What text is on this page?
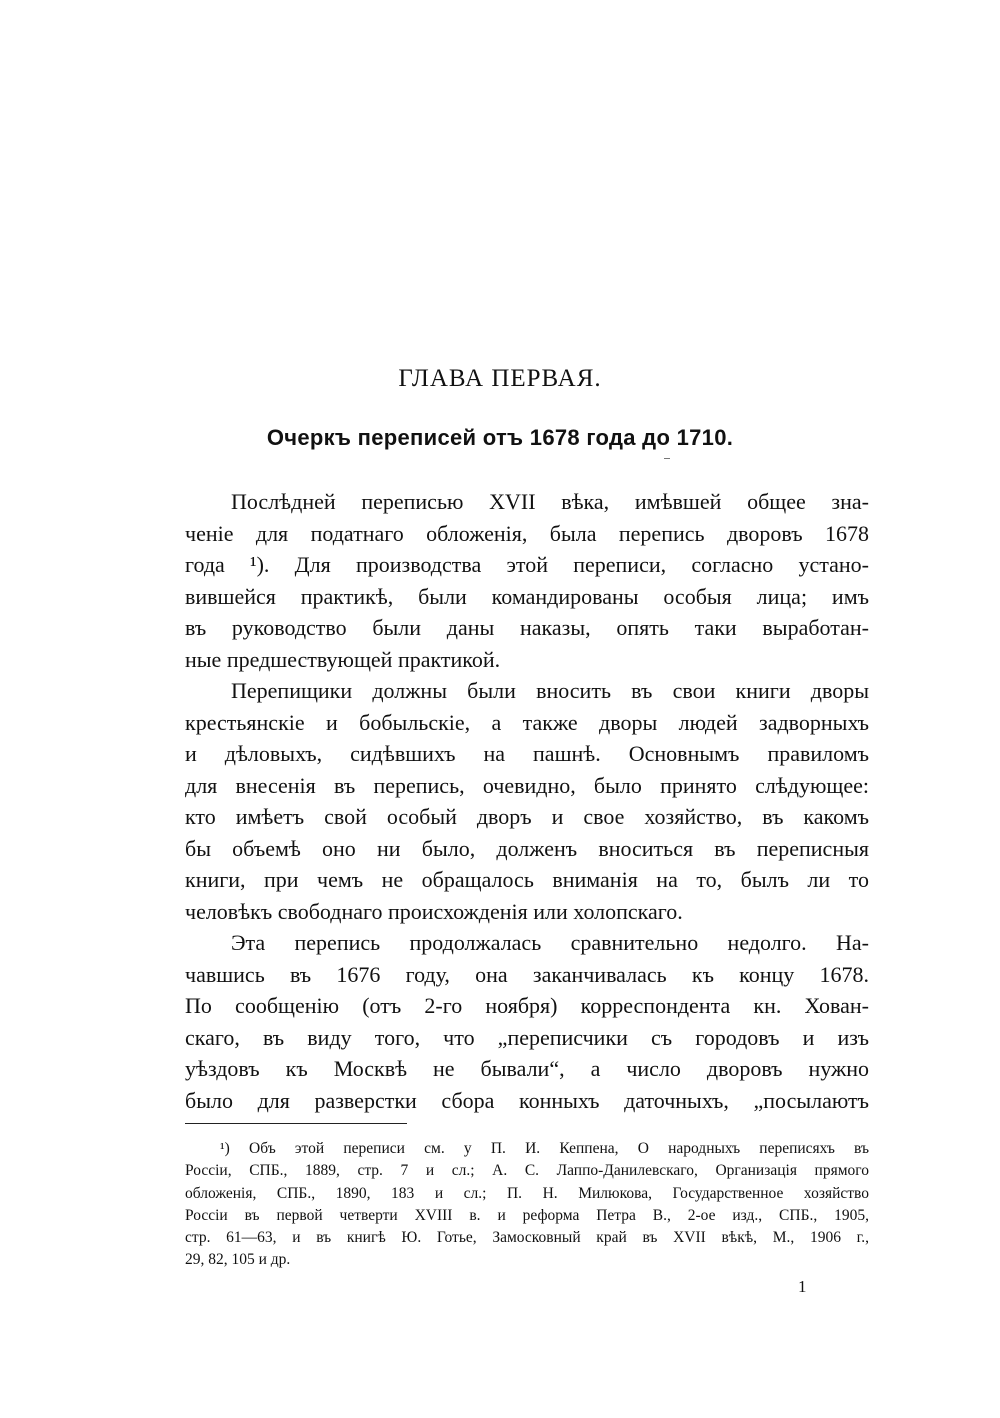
ГЛАВА ПЕРВАЯ.
Очеркъ переписей отъ 1678 года до 1710.
Послѣдней переписью XVII вѣка, имѣвшей общее зна-
ченіе для податнаго обложенія, была перепись дворовъ 1678
года ¹). Для производства этой переписи, согласно устано-
вившейся практикѣ, были командированы особыя лица; имъ
въ руководство были даны наказы, опять таки выработан-
ные предшествующей практикой.
Перепищики должны были вносить въ свои книги дворы
крестьянскіе и бобыльскіе, а также дворы людей задворныхъ
и дѣловыхъ, сидѣвшихъ на пашнѣ. Основнымъ правиломъ
для внесенія въ перепись, очевидно, было принято слѣдующее:
кто имѣетъ свой особый дворъ и свое хозяйство, въ какомъ
бы объемѣ оно ни было, долженъ вноситься въ переписныя
книги, при чемъ не обращалось вниманія на то, былъ ли то
человѣкъ свободнаго происхожденія или холопскаго.
Эта перепись продолжалась сравнительно недолго. На-
чавшись въ 1676 году, она заканчивалась къ концу 1678.
По сообщенію (отъ 2-го ноября) корреспондента кн. Хован-
скаго, въ виду того, что „переписчики съ городовъ и изъ
уѣздовъ къ Москвѣ не бывали“, а число дворовъ нужно
было для разверстки сбора конныхъ даточныхъ, „посылаютъ
¹) Объ этой переписи см. у П. И. Кеппена, О народныхъ переписяхъ въ
Россіи, СПБ., 1889, стр. 7 и сл.; А. С. Лаппо-Данилевскаго, Организація прямого
обложенія, СПБ., 1890, 183 и сл.; П. Н. Милюкова, Государственное хозяйство
Россіи въ первой четверти XVIII в. и реформа Петра В., 2-ое изд., СПБ., 1905,
стр. 61—63, и въ книгѣ Ю. Готье, Замосковный край въ XVII вѣкѣ, М., 1906 г.,
29, 82, 105 и др.
1
